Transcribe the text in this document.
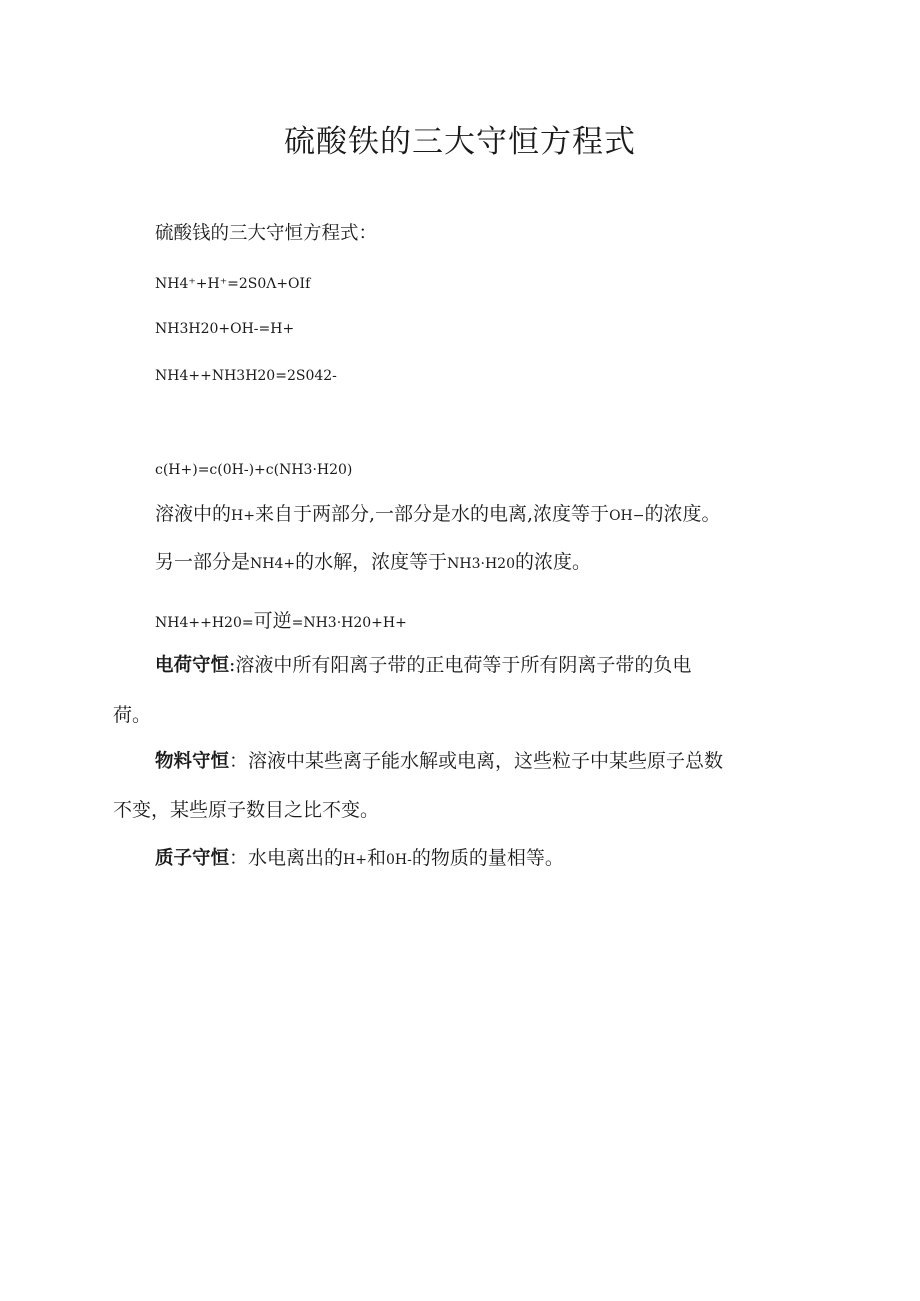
硫酸铁的三大守恒方程式

硫酸钱的三大守恒方程式：

NH4⁺+H⁺=2S0Λ+OIf

NH3H20+OH-=H+

NH4++NH3H20=2S042-

c(H+)=c(0H-)+c(NH3·H20)

溶液中的H+来自于两部分,一部分是水的电离,浓度等于OH−的浓度。

另一部分是NH4+的水解，浓度等于NH3·H20的浓度。

NH4++H20=可逆=NH3·H20+H+

电荷守恒:溶液中所有阳离子带的正电荷等于所有阴离子带的负电

荷。

物料守恒：溶液中某些离子能水解或电离，这些粒子中某些原子总数

不变，某些原子数目之比不变。

质子守恒：水电离出的H+和0H-的物质的量相等。
